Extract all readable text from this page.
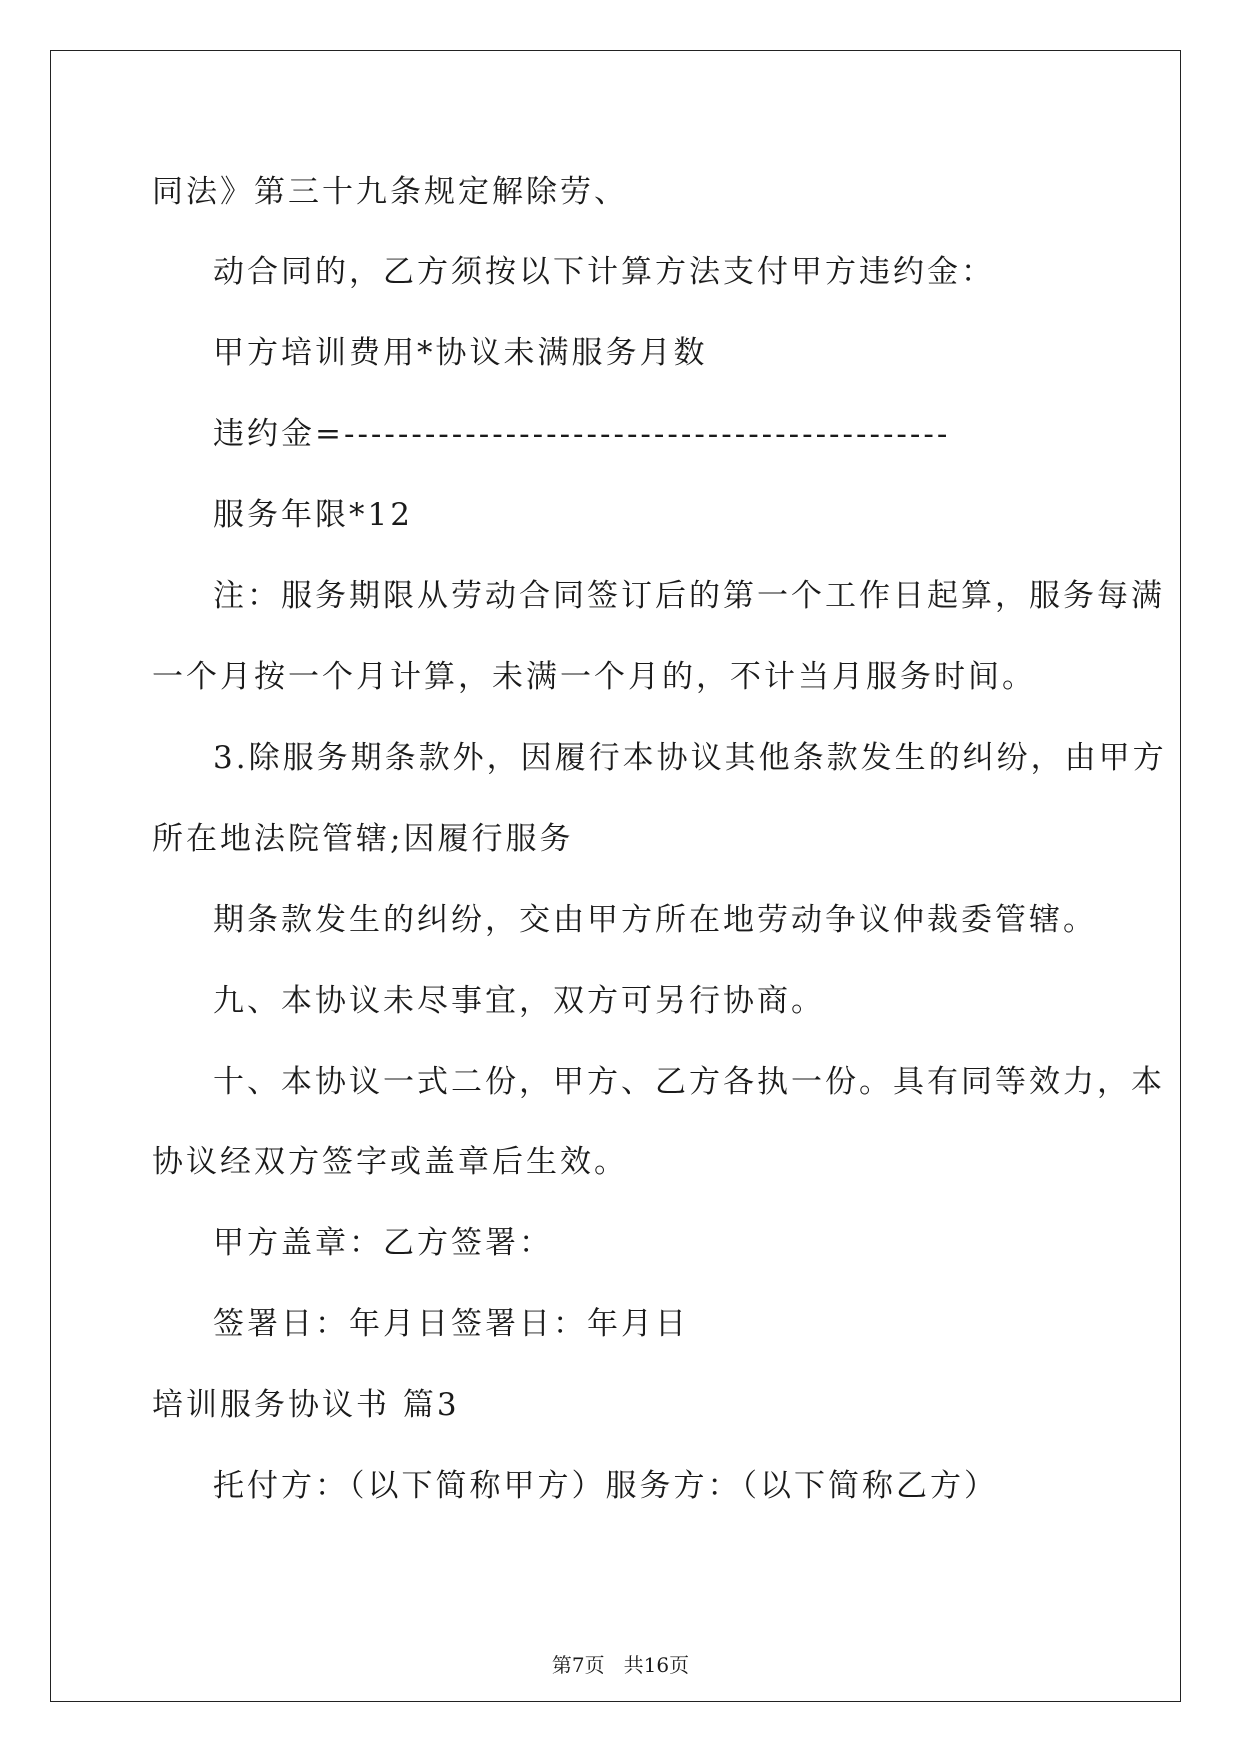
同法》第三十九条规定解除劳、
动合同的，乙方须按以下计算方法支付甲方违约金：
甲方培训费用*协议未满服务月数
违约金=---------------------------------------------
服务年限*12
注：服务期限从劳动合同签订后的第一个工作日起算，服务每满
一个月按一个月计算，未满一个月的，不计当月服务时间。
3.除服务期条款外，因履行本协议其他条款发生的纠纷，由甲方
所在地法院管辖;因履行服务
期条款发生的纠纷，交由甲方所在地劳动争议仲裁委管辖。
九、本协议未尽事宜，双方可另行协商。
十、本协议一式二份，甲方、乙方各执一份。具有同等效力，本
协议经双方签字或盖章后生效。
甲方盖章：乙方签署：
签署日：年月日签署日：年月日
培训服务协议书 篇3
托付方：（以下简称甲方）服务方：（以下简称乙方）
第7页   共16页
